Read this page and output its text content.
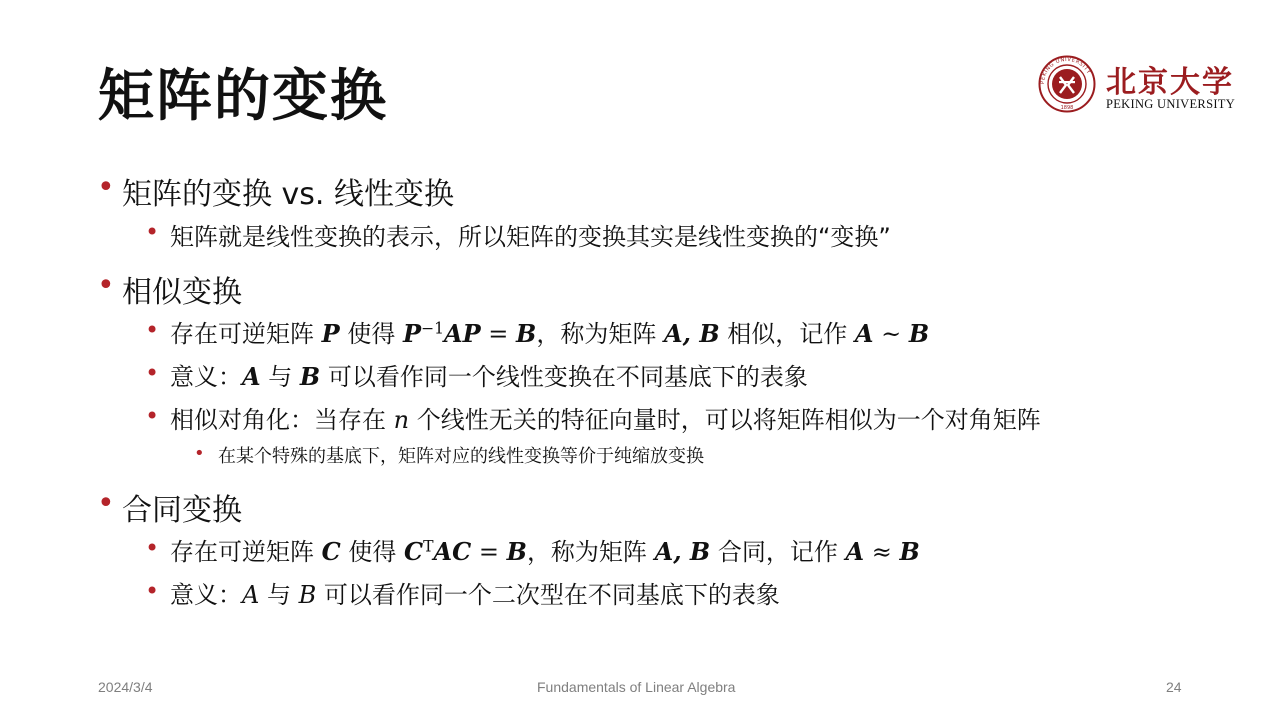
矩阵的变换	PEKING UNIVERSITY
1898
北京大学
PEKING UNIVERSITY
• 矩阵的变换 vs. 线性变换
• 矩阵就是线性变换的表示，所以矩阵的变换其实是线性变换的“变换”
• 相似变换
• 存在可逆矩阵 P 使得 $P^{-1}AP = B$，称为矩阵 A, B 相似，记作 A ~ B
• 意义：A 与 B 可以看作同一个线性变换在不同基底下的表象
• 相似对角化：当存在 n 个线性无关的特征向量时，可以将矩阵相似为一个对角矩阵
• 在某个特殊的基底下，矩阵对应的线性变换等价于纯缩放变换
• 合同变换
• 存在可逆矩阵 C 使得 $C^TAC = B$，称为矩阵 A, B 合同，记作 A ≈ B
• 意义：A 与 B 可以看作同一个二次型在不同基底下的表象
2024/3/4	Fundamentals of Linear Algebra	24
